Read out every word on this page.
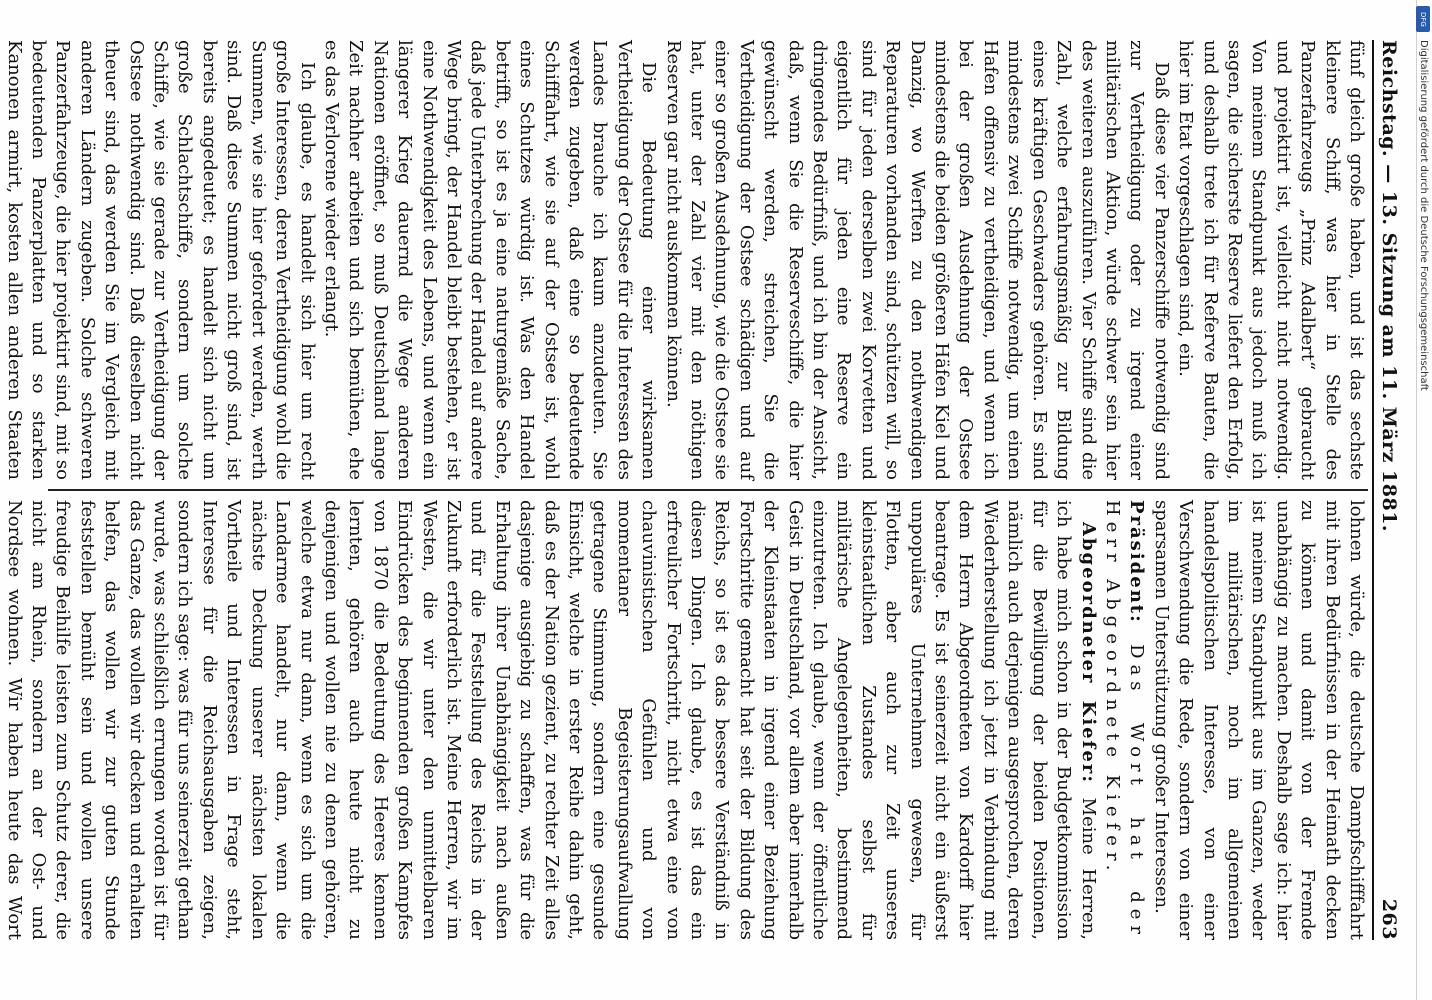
Reichstag. — 13. Sitzung am 11. März 1881.
263

fünf gleich große haben, und ist das sechste kleinere Schiff, was hier in Stelle des Panzerfahrzeugs „Prinz Adalbert“ gebraucht und projektirt ist, vielleicht nicht notwendig. Von meinem Standpunkt aus jedoch muß ich sagen, die sicherste Reserve liefert den Erfolg, und deshalb trete ich für Referve Bauten, die hier im Etat vorgeschlagen sind, ein.

Daß diese vier Panzerschiffe notwendig sind zur Vertheidigung oder zu irgend einer militärischen Aktion, würde schwer sein hier des weiteren auszuführen. Vier Schiffe sind die Zahl, welche erfahrungsmäßig zur Bildung eines kräftigen Geschwaders gehören. Es sind mindestens zwei Schiffe notwendig, um einen Hafen offensiv zu vertheidigen, und wenn ich bei der großen Ausdehnung der Ostsee mindestens die beiden größeren Häfen Kiel und Danzig, wo Werften zu den nothwendigen Reparaturen vorhanden sind, schützen will, so sind für jeden derselben zwei Korvetten und eigentlich für jeden eine Reserve ein dringendes Bedürfniß, und ich bin der Ansicht, daß, wenn Sie die Reserveschiffe, die hier gewünscht werden, streichen, Sie die Vertheidigung der Ostsee schädigen und auf einer so großen Ausdehnung, wie die Ostsee sie hat, unter der Zahl vier mit den nöthigen Reserven gar nicht auskommen können.

Die Bedeutung einer wirksamen Vertheidigung der Ostsee für die Interessen des Landes brauche ich kaum anzudeuten. Sie werden zugeben, daß eine so bedeutende Schifffahrt, wie sie auf der Ostsee ist, wohl eines Schutzes würdig ist. Was den Handel betrifft, so ist es ja eine naturgemäße Sache, daß jede Unterbrechung der Handel auf andere Wege bringt, der Handel bleibt bestehen, er ist eine Nothwendigkeit des Lebens, und wenn ein längerer Krieg dauernd die Wege anderen Nationen eröffnet, so muß Deutschland lange Zeit nachher arbeiten und sich bemühen, ehe es das Verlorene wieder erlangt.

Ich glaube, es handelt sich hier um recht große Interessen, deren Vertheidigung wohl die Summen, wie sie hier gefordert werden, werth sind. Daß diese Summen nicht groß sind, ist bereits angedeutet; es handelt sich nicht um große Schlachtschiffe, sondern um solche Schiffe, wie sie gerade zur Vertheidigung der Ostsee nothwendig sind. Daß dieselben nicht theuer sind, das werden Sie im Vergleich mit anderen Ländern zugeben. Solche schweren Panzerfahrzeuge, die hier projektirt sind, mit so bedeutenden Panzerplatten und so starken Kanonen armirt, kosten allen anderen Staaten

lohnen würde, die deutsche Dampfschifffahrt mit ihren Bedürfnissen in der Heimath decken zu können und damit von der Fremde unabhängig zu machen. Deshalb sage ich: hier ist meinem Standpunkt aus im Ganzen, weder im militärischen, noch im allgemeinen handelspolitischen Interesse, von einer Verschwendung die Rede, sondern von einer sparsamen Unterstützung großer Interessen.

Präsident: Das Wort hat der Herr Abgeordnete Kiefer.

Abgeordneter Kiefer: Meine Herren, ich habe mich schon in der Budgetkommission für die Bewilligung der beiden Positionen, nämlich auch derjenigen ausgesprochen, deren Wiederherstellung ich jetzt in Verbindung mit dem Herrn Abgeordneten von Kardorff hier beantrage. Es ist seinerzeit nicht ein äußerst unpopuläres Unternehmen gewesen, für Flotten, aber auch zur Zeit unseres kleinstaatlichen Zustandes selbst für militärische Angelegenheiten, bestimmend einzutreten. Ich glaube, wenn der öffentliche Geist in Deutschland, vor allem aber innerhalb der Kleinstaaten in irgend einer Beziehung Fortschritte gemacht hat seit der Bildung des Reichs, so ist es das bessere Verständniß in diesen Dingen. Ich glaube, es ist das ein erfreulicher Fortschritt, nicht etwa eine von chauvinistischen Gefühlen und von momentaner Begeisterungsaufwallung getragene Stimmung, sondern eine gesunde Einsicht, welche in erster Reihe dahin geht, daß es der Nation gezient, zu rechter Zeit alles dasjenige ausgiebig zu schaffen, was für die Erhaltung ihrer Unabhängigkeit nach außen und für die Feststellung des Reichs in der Zukunft erforderlich ist. Meine Herren, wir im Westen, die wir unter den unmittelbaren Eindrücken des beginnenden großen Kampfes von 1870 die Bedeutung des Heeres kennen lernten, gehören auch heute nicht zu denjenigen und wollen nie zu denen gehören, welche etwa nur dann, wenn es sich um die Landarmee handelt, nur dann, wenn die nächste Deckung unserer nächsten lokalen Vortheile und Interessen in Frage steht, Interesse für die Reichsausgaben zeigen, sondern ich sage: was für uns seinerzeit gethan wurde, was schließlich errungen worden ist für das Ganze, das wollen wir decken und erhalten helfen, das wollen wir zur guten Stunde feststellen bemüht sein und wollen unsere freudige Beihilfe leisten zum Schutz derer, die nicht am Rhein, sondern an der Ost- und Nordsee wohnen. Wir haben heute das Wort

DFG
Digitalisierung gefördert durch die Deutsche Forschungsgemeinschaft
